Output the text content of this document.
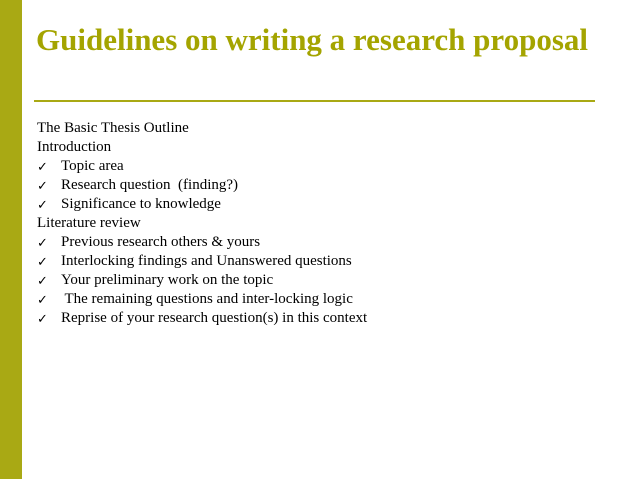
Guidelines on writing a research proposal
The Basic Thesis Outline
Introduction
✓ Topic area
✓ Research question  (finding?)
✓ Significance to knowledge
Literature review
✓ Previous research others & yours
✓ Interlocking findings and Unanswered questions
✓ Your preliminary work on the topic
✓ The remaining questions and inter-locking logic
✓ Reprise of your research question(s) in this context
